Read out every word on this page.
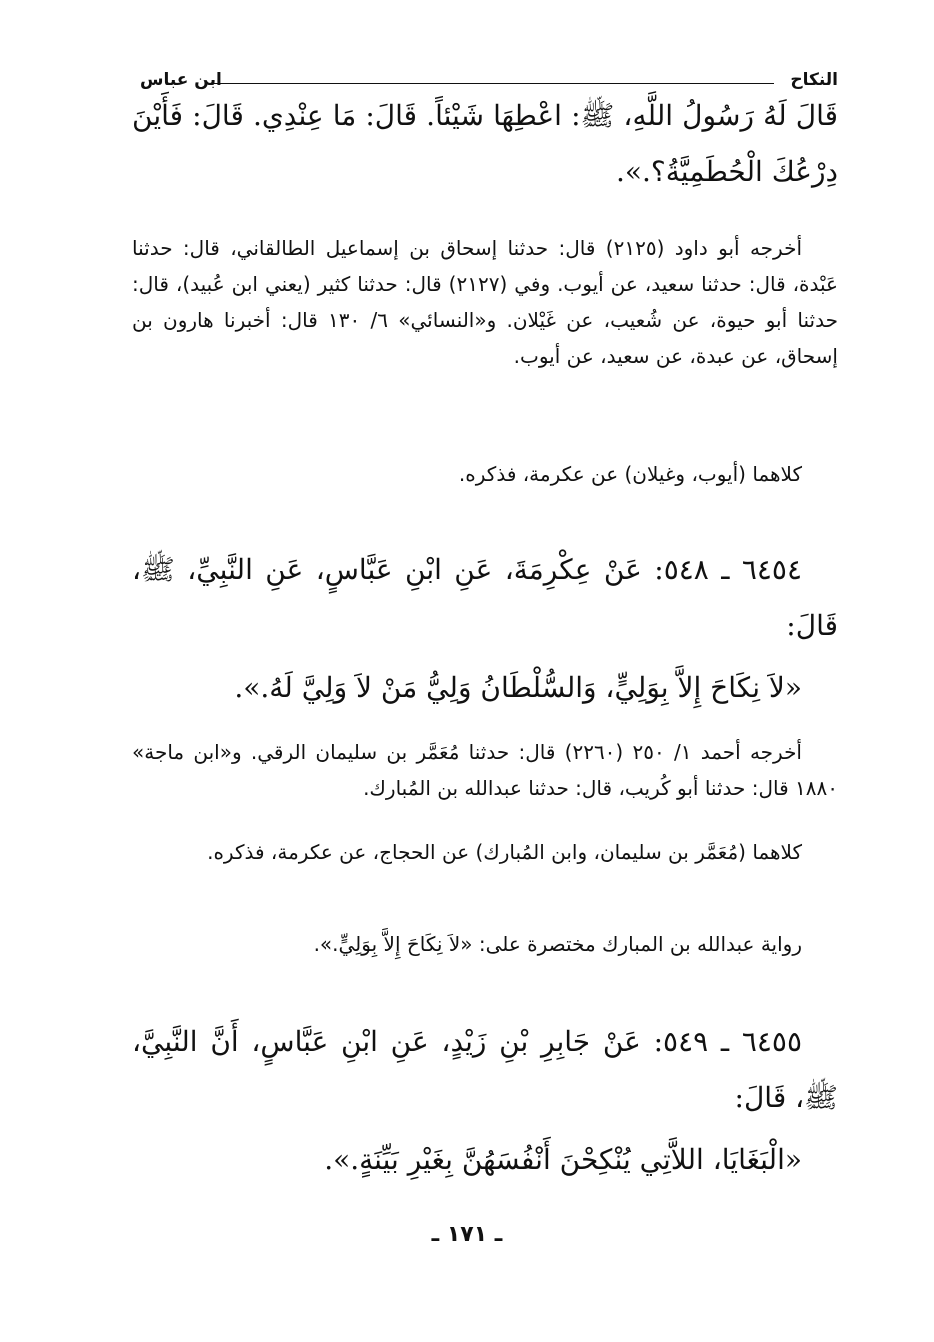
النكاح
ابن عباس

قَالَ لَهُ رَسُولُ اللَّهِ، ﷺ: اعْطِهَا شَيْئاً. قَالَ: مَا عِنْدِي. قَالَ: فَأَيْنَ دِرْعُكَ الْحُطَمِيَّةُ؟.».

أخرجه أبو داود (٢١٢٥) قال: حدثنا إسحاق بن إسماعيل الطالقاني، قال: حدثنا عَبْدة، قال: حدثنا سعيد، عن أيوب. وفي (٢١٢٧) قال: حدثنا كثير (يعني ابن عُبيد)، قال: حدثنا أبو حيوة، عن شُعيب، عن غَيْلان. و«النسائي» ٦/ ١٣٠ قال: أخبرنا هارون بن إسحاق، عن عبدة، عن سعيد، عن أيوب.

كلاهما (أيوب، وغيلان) عن عكرمة، فذكره.

٦٤٥٤ ـ ٥٤٨: عَنْ عِكْرِمَةَ، عَنِ ابْنِ عَبَّاسٍ، عَنِ النَّبِيِّ، ﷺ، قَالَ:

«لاَ نِكَاحَ إِلاَّ بِوَلِيٍّ، وَالسُّلْطَانُ وَلِيُّ مَنْ لاَ وَلِيَّ لَهُ.».

أخرجه أحمد ١/ ٢٥٠ (٢٢٦٠) قال: حدثنا مُعَمَّر بن سليمان الرقي. و«ابن ماجة» ١٨٨٠ قال: حدثنا أبو كُريب، قال: حدثنا عبدالله بن المُبارك.

كلاهما (مُعَمَّر بن سليمان، وابن المُبارك) عن الحجاج، عن عكرمة، فذكره.

رواية عبدالله بن المبارك مختصرة على: «لاَ نِكَاحَ إِلاَّ بِوَلِيٍّ.».

٦٤٥٥ ـ ٥٤٩: عَنْ جَابِرِ بْنِ زَيْدٍ، عَنِ ابْنِ عَبَّاسٍ، أَنَّ النَّبِيَّ، ﷺ، قَالَ:

«الْبَغَايَا، اللاَّتِي يُنْكِحْنَ أَنْفُسَهُنَّ بِغَيْرِ بَيِّنَةٍ.».

ـ ١٧١ ـ
